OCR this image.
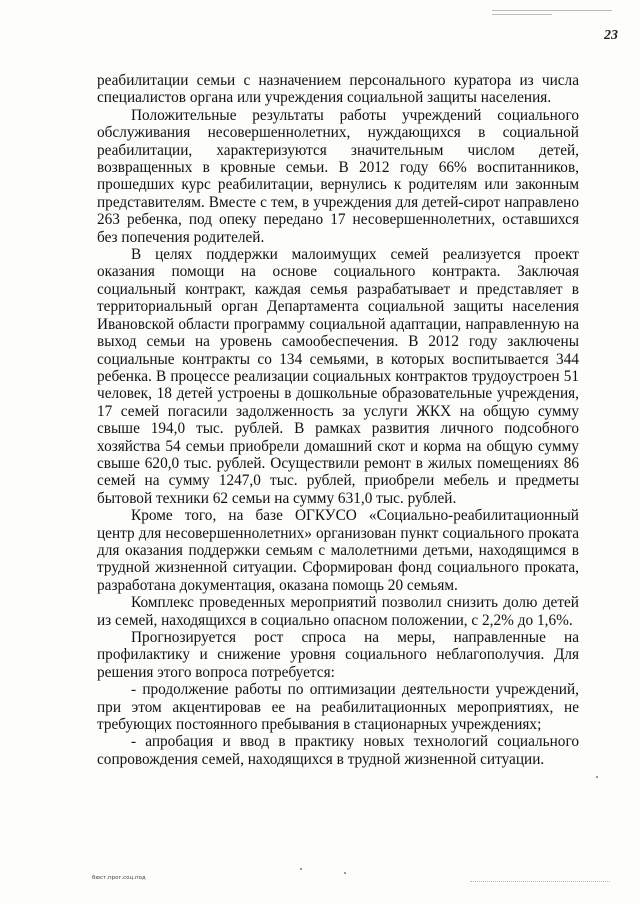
23

реабилитации семьи с назначением персонального куратора из числа специалистов органа или учреждения социальной защиты населения.

Положительные результаты работы учреждений социального обслуживания несовершеннолетних, нуждающихся в социальной реабилитации, характеризуются значительным числом детей, возвращенных в кровные семьи. В 2012 году 66% воспитанников, прошедших курс реабилитации, вернулись к родителям или законным представителям. Вместе с тем, в учреждения для детей-сирот направлено 263 ребенка, под опеку передано 17 несовершеннолетних, оставшихся без попечения родителей.

В целях поддержки малоимущих семей реализуется проект оказания помощи на основе социального контракта. Заключая социальный контракт, каждая семья разрабатывает и представляет в территориальный орган Департамента социальной защиты населения Ивановской области программу социальной адаптации, направленную на выход семьи на уровень самообеспечения. В 2012 году заключены социальные контракты со 134 семьями, в которых воспитывается 344 ребенка. В процессе реализации социальных контрактов трудоустроен 51 человек, 18 детей устроены в дошкольные образовательные учреждения, 17 семей погасили задолженность за услуги ЖКХ на общую сумму свыше 194,0 тыс. рублей. В рамках развития личного подсобного хозяйства 54 семьи приобрели домашний скот и корма на общую сумму свыше 620,0 тыс. рублей. Осуществили ремонт в жилых помещениях 86 семей на сумму 1247,0 тыс. рублей, приобрели мебель и предметы бытовой техники 62 семьи на сумму 631,0 тыс. рублей.

Кроме того, на базе ОГКУСО «Социально-реабилитационный центр для несовершеннолетних» организован пункт социального проката для оказания поддержки семьям с малолетними детьми, находящимся в трудной жизненной ситуации. Сформирован фонд социального проката, разработана документация, оказана помощь 20 семьям.

Комплекс проведенных мероприятий позволил снизить долю детей из семей, находящихся в социально опасном положении, с 2,2% до 1,6%.

Прогнозируется рост спроса на меры, направленные на профилактику и снижение уровня социального неблагополучия. Для решения этого вопроса потребуется:

- продолжение работы по оптимизации деятельности учреждений, при этом акцентировав ее на реабилитационных мероприятиях, не требующих постоянного пребывания в стационарных учреждениях;

- апробация и ввод в практику новых технологий социального сопровождения семей, находящихся в трудной жизненной ситуации.

бюст.прог.соц.под
